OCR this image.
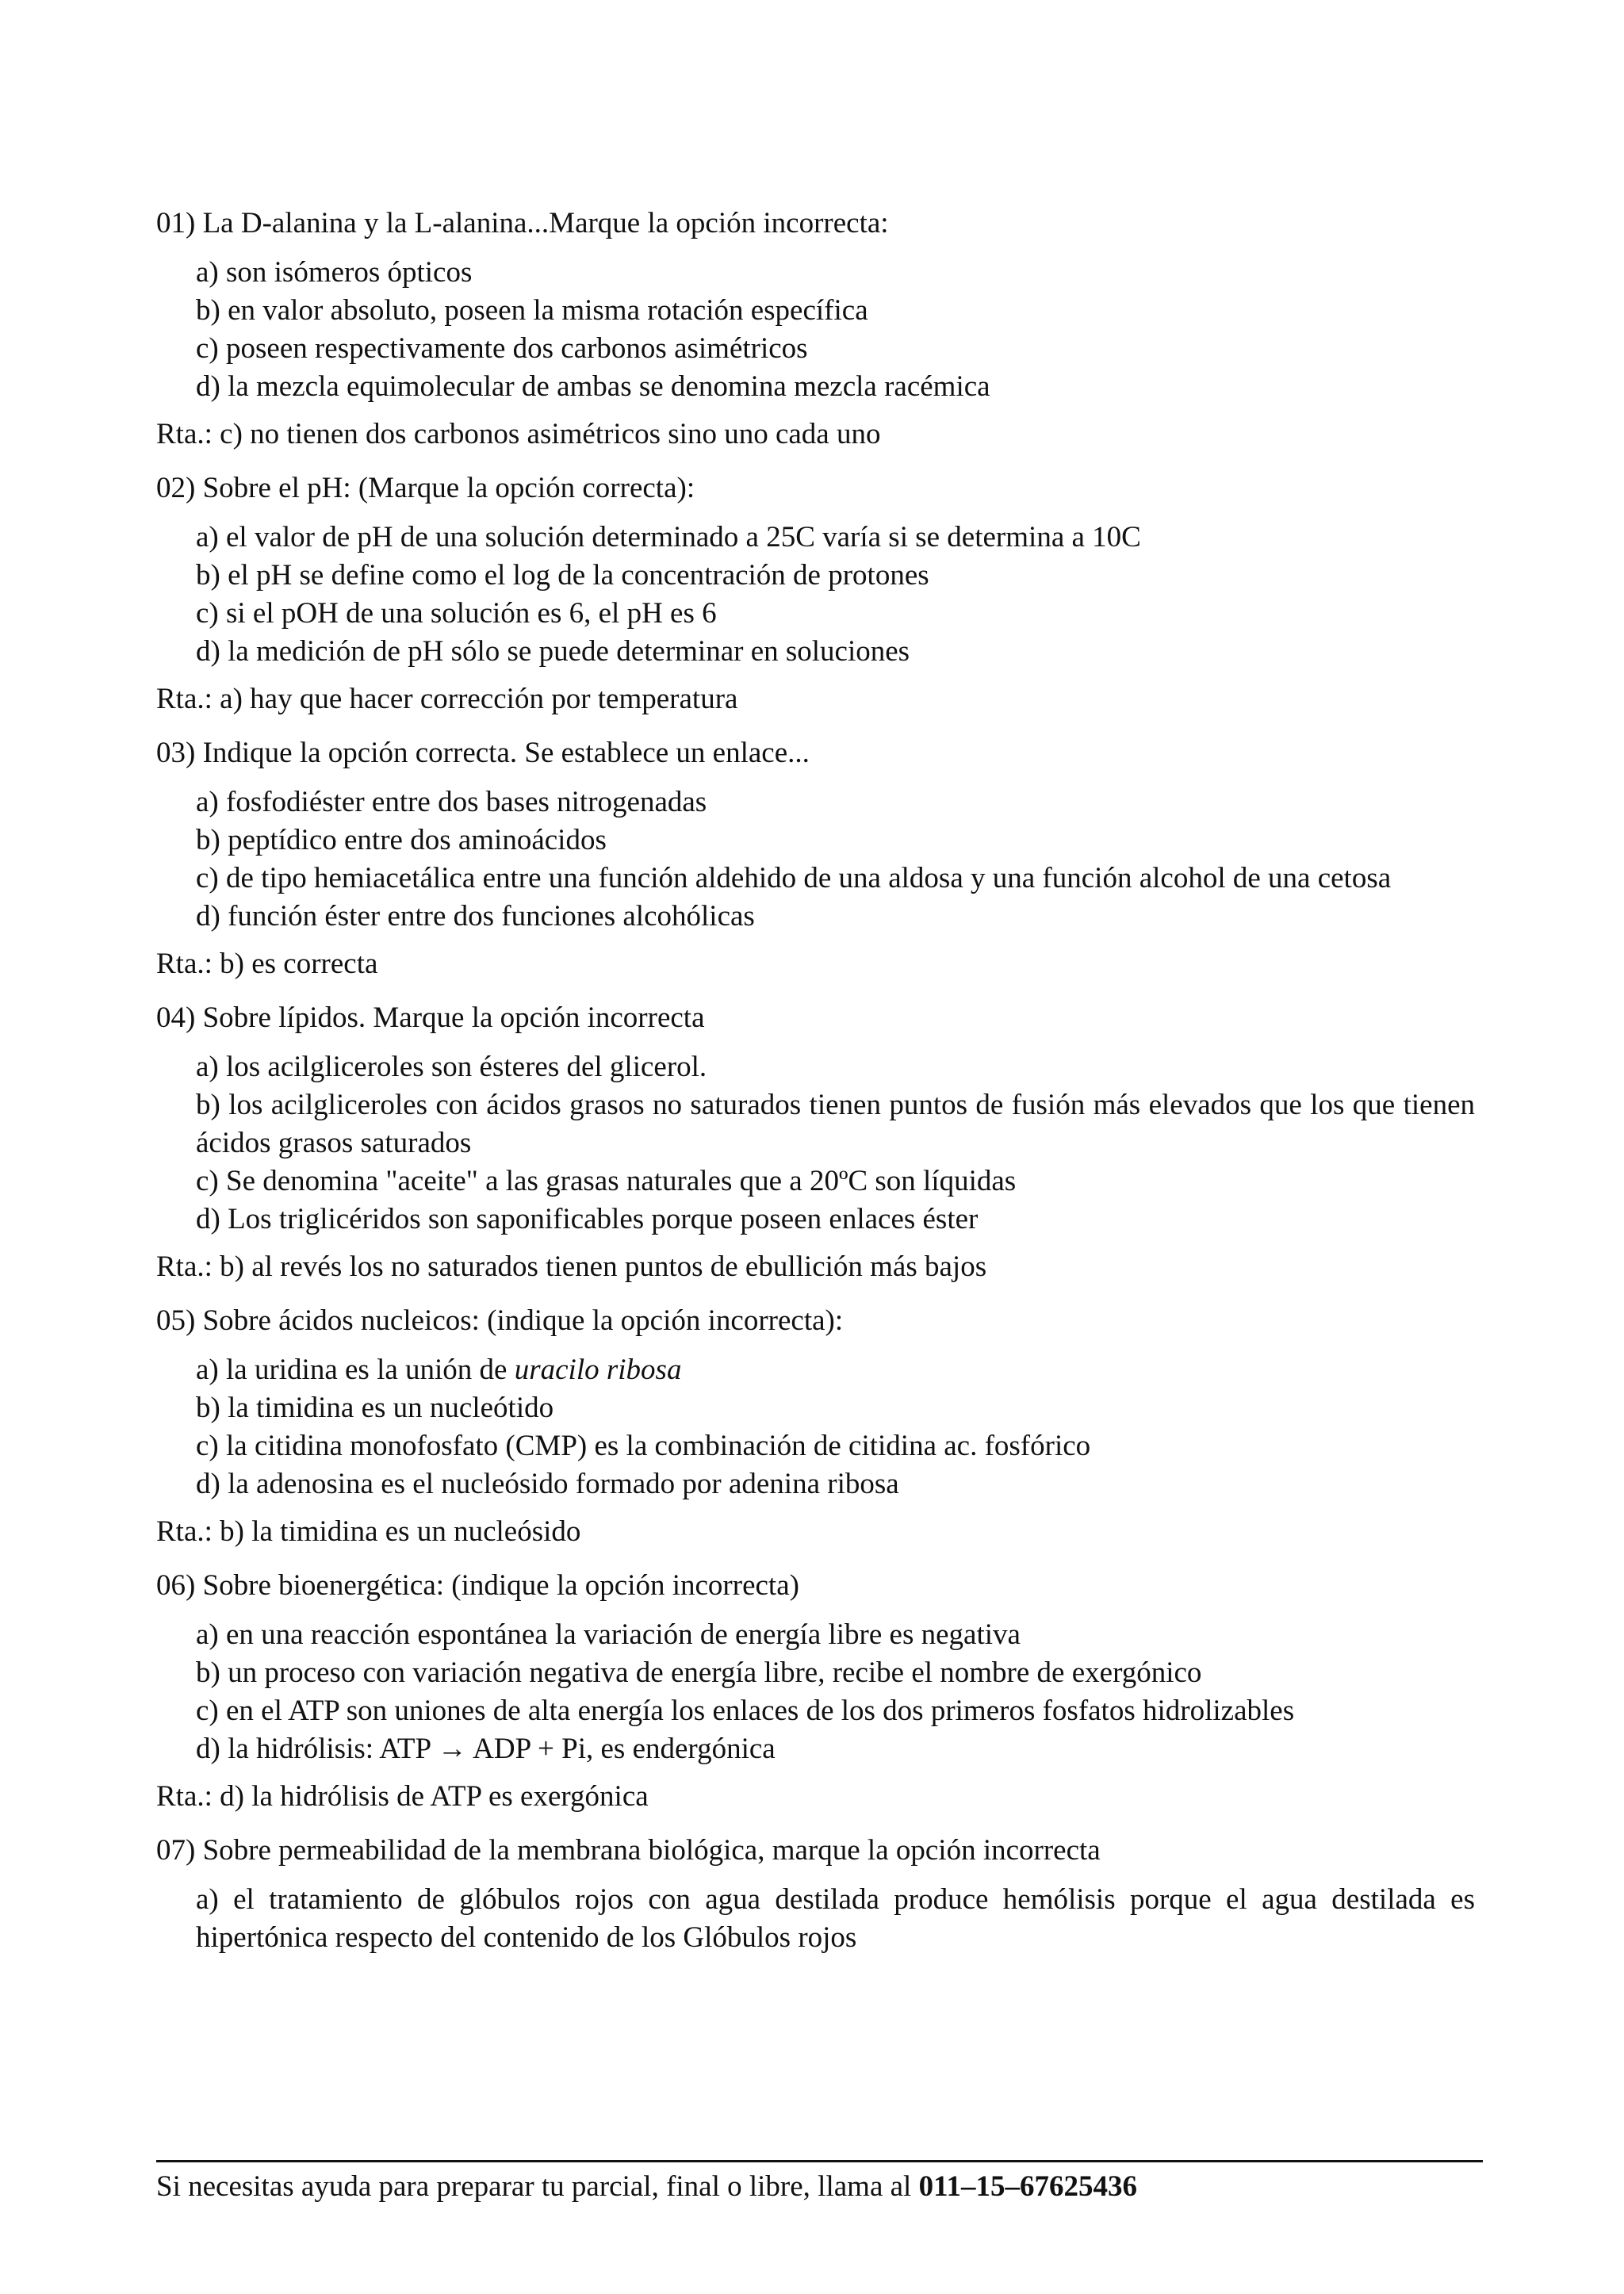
01) La D-alanina y la L-alanina...Marque la opción incorrecta:

a) son isómeros ópticos
b) en valor absoluto, poseen la misma rotación específica
c) poseen respectivamente dos carbonos asimétricos
d) la mezcla equimolecular de ambas se denomina mezcla racémica

Rta.: c) no tienen dos carbonos asimétricos sino uno cada uno

02) Sobre el pH: (Marque la opción correcta):

a) el valor de pH de una solución determinado a 25C varía si se determina a 10C
b) el pH se define como el log de la concentración de protones
c) si el pOH de una solución es 6, el pH es 6
d) la medición de pH sólo se puede determinar en soluciones

Rta.: a) hay que hacer corrección por temperatura

03) Indique la opción correcta. Se establece un enlace...

a) fosfodiéster entre dos bases nitrogenadas
b) peptídico entre dos aminoácidos
c) de tipo hemiacetálica entre una función aldehido de una aldosa y una función alcohol de una cetosa
d) función éster entre dos funciones alcohólicas

Rta.: b) es correcta

04) Sobre lípidos. Marque la opción incorrecta

a) los acilgliceroles son ésteres del glicerol.
b) los acilgliceroles con ácidos grasos no saturados tienen puntos de fusión más elevados que los que tienen ácidos grasos saturados
c) Se denomina "aceite" a las grasas naturales que a 20ºC son líquidas
d) Los triglicéridos son saponificables porque poseen enlaces éster

Rta.: b) al revés los no saturados tienen puntos de ebullición más bajos

05) Sobre ácidos nucleicos: (indique la opción incorrecta):

a) la uridina es la unión de uracilo ribosa
b) la timidina es un nucleótido
c) la citidina monofosfato (CMP) es la combinación de citidina ac. fosfórico
d) la adenosina es el nucleósido formado por adenina ribosa

Rta.: b) la timidina es un nucleósido

06) Sobre bioenergética: (indique la opción incorrecta)

a) en una reacción espontánea la variación de energía libre es negativa
b) un proceso con variación negativa de energía libre, recibe el nombre de exergónico
c) en el ATP son uniones de alta energía los enlaces de los dos primeros fosfatos hidrolizables
d) la hidrólisis: ATP → ADP + Pi, es endergónica

Rta.: d) la hidrólisis de ATP es exergónica

07) Sobre permeabilidad de la membrana biológica, marque la opción incorrecta

a) el tratamiento de glóbulos rojos con agua destilada produce hemólisis porque el agua destilada es hipertónica respecto del contenido de los Glóbulos rojos
Si necesitas ayuda para preparar tu parcial, final o libre, llama al 011–15–67625436
